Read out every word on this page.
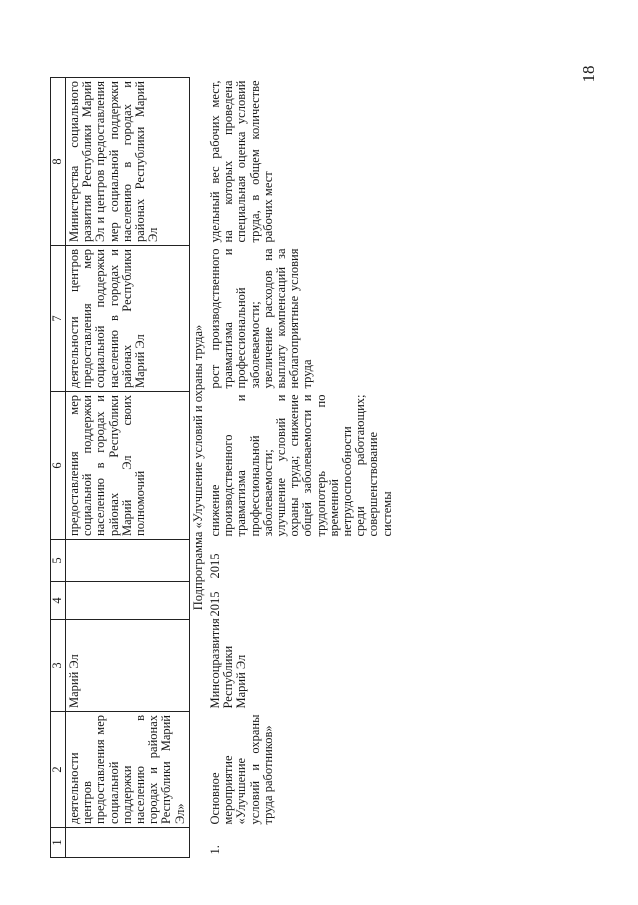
18
1	2	3	4	5	6	7	8
	деятельности центров предоставления мер социальной поддержки населению в городах и районах Республики Марий Эл»	Марий Эл			предоставления мер социальной поддержки населению в городах и районах Республики Марий Эл своих полномочий	деятельности центров предоставления мер социальной поддержки населению в городах и районах Республики Марий Эл	Министерства социального развития Республики Марий Эл и центров предоставления мер социальной поддержки населению в городах и районах Республики Марий Эл
Подпрограмма «Улучшение условий и охраны труда»							
1.	Основное мероприятие «Улучшение условий и охраны труда работников»	Минсоцразвития Республики Марий Эл	2015	2015	снижение производственного травматизма и профессиональной заболеваемости; улучшение условий и охраны труда; снижение общей заболеваемости и трудопотерь по временной нетрудоспособности среди работающих; совершенствование системы	рост производственного травматизма и профессиональной заболеваемости; увеличение расходов на выплату компенсаций за неблагоприятные условия труда	удельный вес рабочих мест, на которых проведена специальная оценка условий труда, в общем количестве рабочих мест
